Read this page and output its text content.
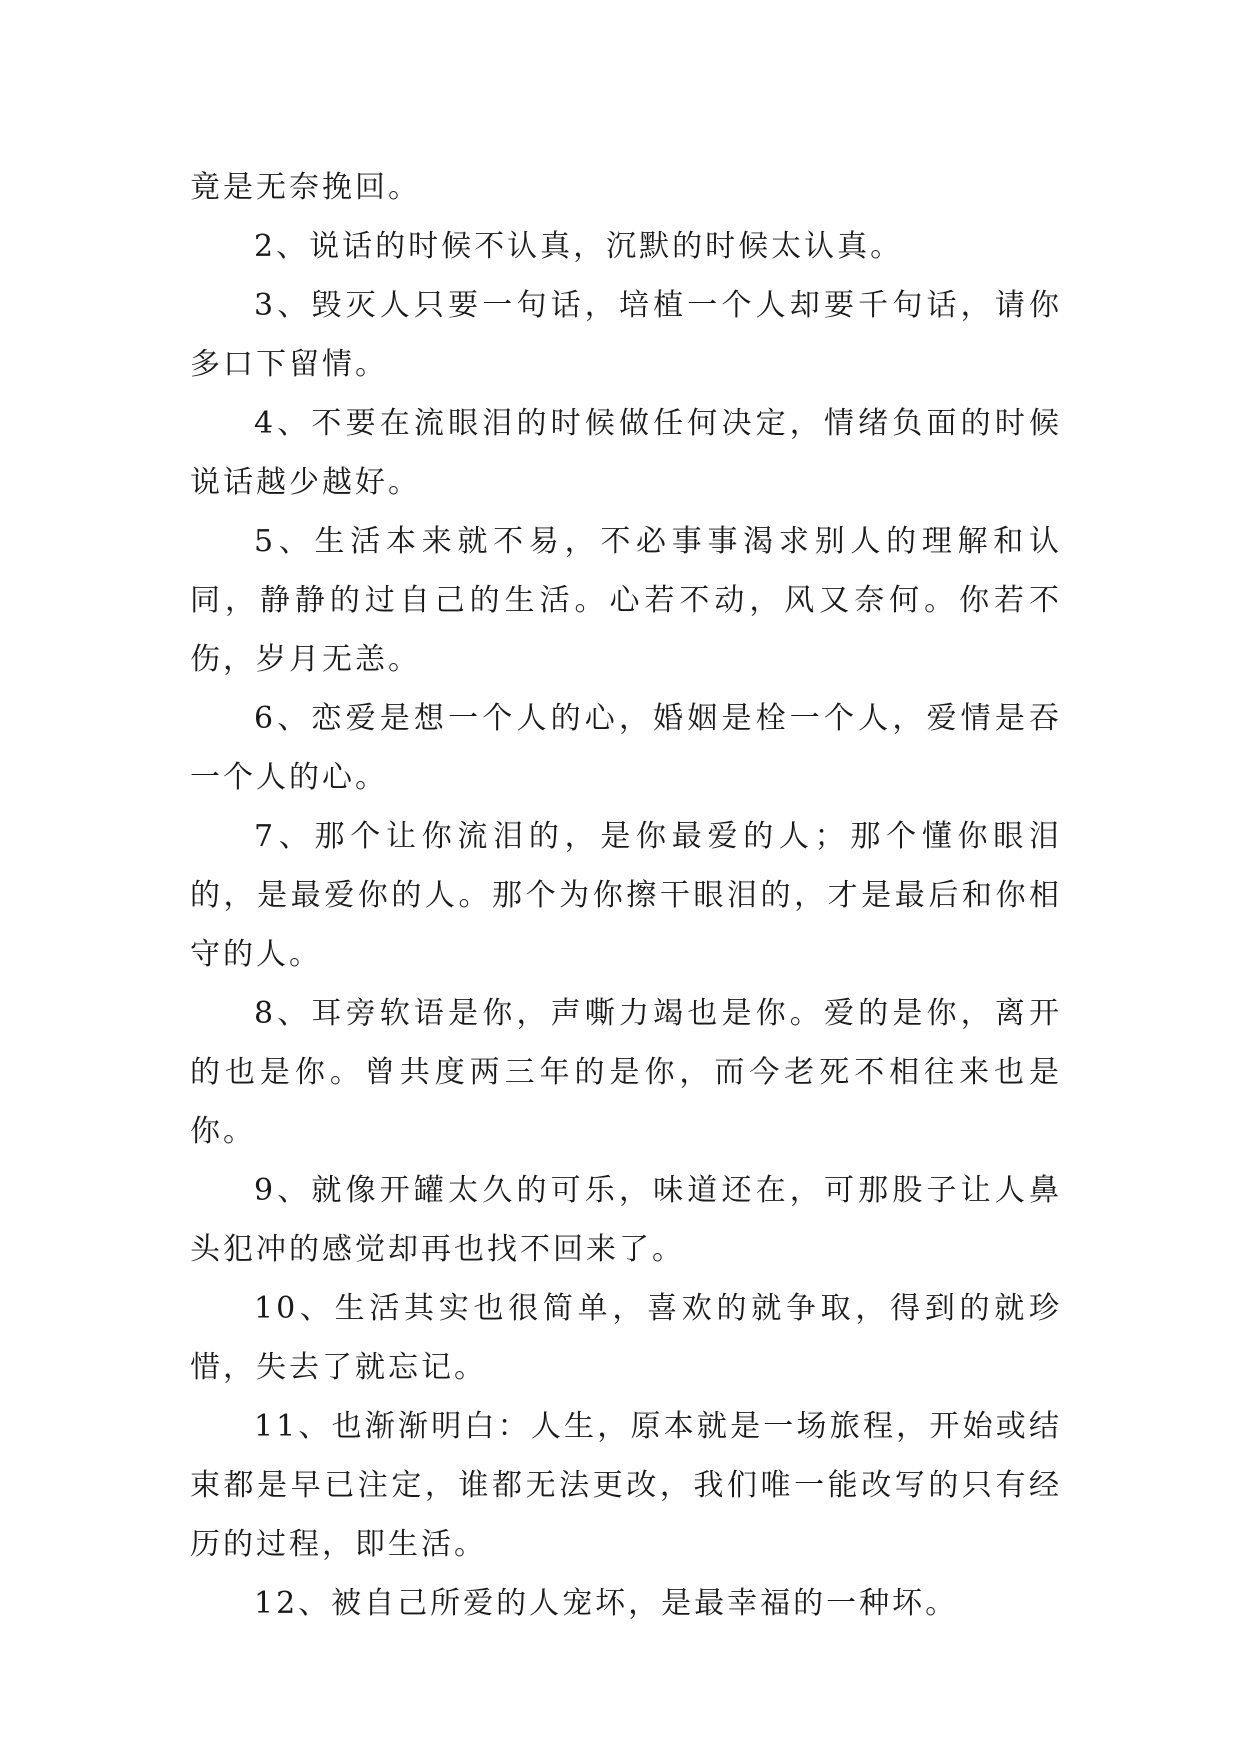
竟是无奈挽回。

2、说话的时候不认真，沉默的时候太认真。

3、毁灭人只要一句话，培植一个人却要千句话，请你多口下留情。

4、不要在流眼泪的时候做任何决定，情绪负面的时候说话越少越好。

5、生活本来就不易，不必事事渴求别人的理解和认同，静静的过自己的生活。心若不动，风又奈何。你若不伤，岁月无恙。

6、恋爱是想一个人的心，婚姻是栓一个人，爱情是吞一个人的心。

7、那个让你流泪的，是你最爱的人；那个懂你眼泪的，是最爱你的人。那个为你擦干眼泪的，才是最后和你相守的人。

8、耳旁软语是你，声嘶力竭也是你。爱的是你，离开的也是你。曾共度两三年的是你，而今老死不相往来也是你。

9、就像开罐太久的可乐，味道还在，可那股子让人鼻头犯冲的感觉却再也找不回来了。

10、生活其实也很简单，喜欢的就争取，得到的就珍惜，失去了就忘记。

11、也渐渐明白：人生，原本就是一场旅程，开始或结束都是早已注定，谁都无法更改，我们唯一能改写的只有经历的过程，即生活。

12、被自己所爱的人宠坏，是最幸福的一种坏。
